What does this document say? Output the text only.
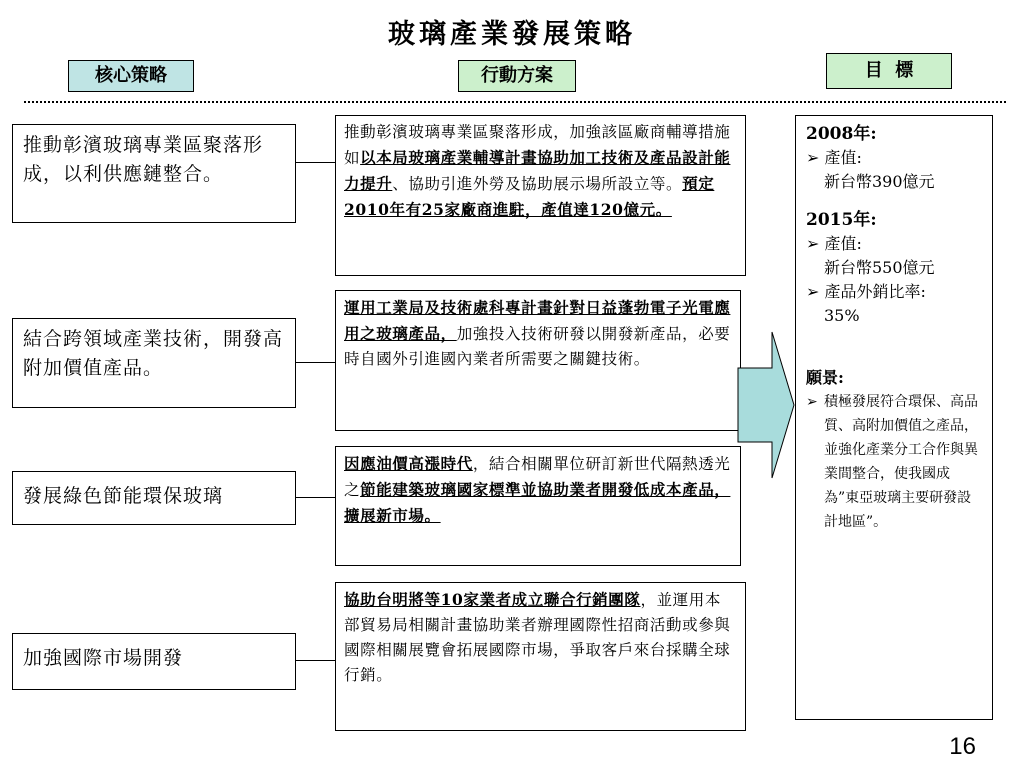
玻璃產業發展策略
核心策略	行動方案	目  標
推動彰濱玻璃專業區聚落形成，以利供應鏈整合。
結合跨領域產業技術，開發高附加價值產品。
發展綠色節能環保玻璃
加強國際市場開發
推動彰濱玻璃專業區聚落形成，加強該區廠商輔導措施如以本局玻璃產業輔導計畫協助加工技術及產品設計能力提升、協助引進外勞及協助展示場所設立等。預定2010年有25家廠商進駐，產值達120億元。
運用工業局及技術處科專計畫針對日益蓬勃電子光電應用之玻璃產品，加強投入技術研發以開發新產品，必要時自國外引進國內業者所需要之關鍵技術。
因應油價高漲時代，結合相關單位研訂新世代隔熱透光之節能建築玻璃國家標準並協助業者開發低成本產品，擴展新市場。
協助台明將等10家業者成立聯合行銷團隊，並運用本部貿易局相關計畫協助業者辦理國際性招商活動或參與國際相關展覽會拓展國際市場，爭取客戶來台採購全球行銷。
2008年:
➢ 產值:
新台幣390億元
2015年:
➢ 產值:
新台幣550億元
➢ 產品外銷比率:
35%
願景:
➢ 積極發展符合環保、高品質、高附加價值之產品，並強化產業分工合作與異業間整合，使我國成為”東亞玻璃主要研發設計地區”。
16
